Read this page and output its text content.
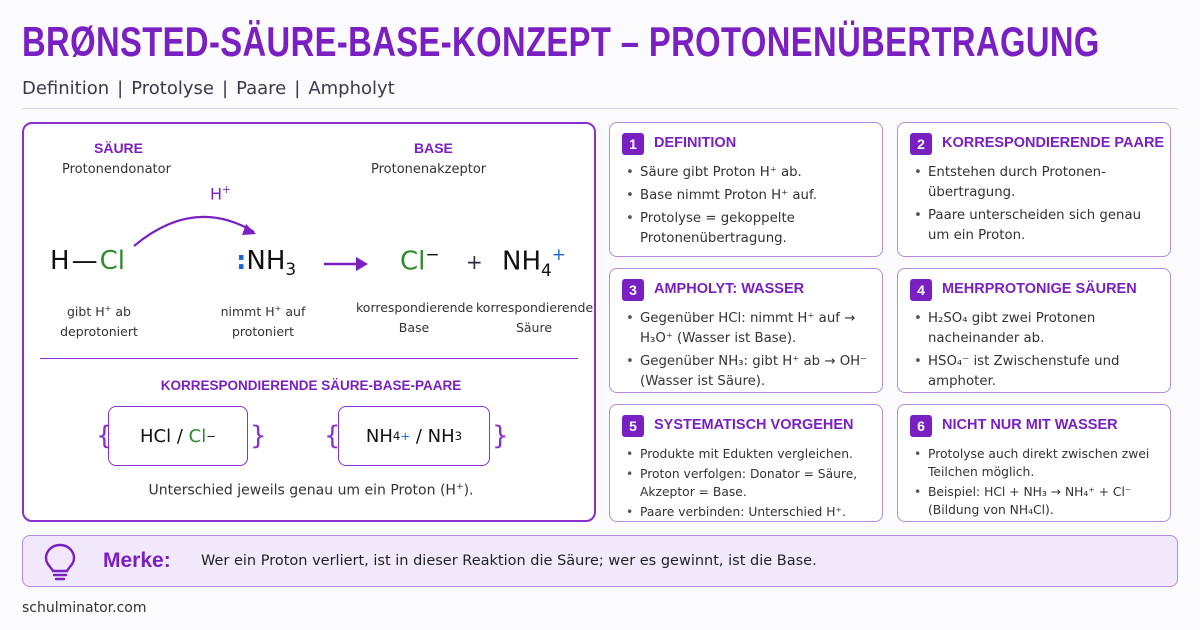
BRØNSTED-SÄURE-BASE-KONZEPT – PROTONENÜBERTRAGUNG
Definition | Protolyse | Paare | Ampholyt
SÄURE
Protonendonator
BASE
Protonenakzeptor
H+
H—Cl	$:NH_3$	$Cl^- + NH_4^+$
gibt H+ ab
deprotoniert
nimmt H+ auf
protoniert
korrespondierende
Base
korrespondierende
Säure
KORRESPONDIERENDE SÄURE-BASE-PAARE
{ HCl / Cl − } { NH 4 + / NH 3 }
Unterschied jeweils genau um ein Proton (H+).
1	DEFINITION
• Säure gibt Proton H⁺ ab.
• Base nimmt Proton H⁺ auf.
• Protolyse = gekoppelte Protonenübertragung.
2	KORRESPONDIERENDE PAARE
• Entstehen durch Protonen-übertragung.
• Paare unterscheiden sich genau um ein Proton.
3	AMPHOLYT: WASSER
• Gegenüber HCl: nimmt H⁺ auf → H₃O⁺ (Wasser ist Base).
• Gegenüber NH₃: gibt H⁺ ab → OH⁻ (Wasser ist Säure).
4	MEHRPROTONIGE SÄUREN
• H₂SO₄ gibt zwei Protonen nacheinander ab.
• HSO₄⁻ ist Zwischenstufe und amphoter.
5	SYSTEMATISCH VORGEHEN
• Produkte mit Edukten vergleichen.
• Proton verfolgen: Donator = Säure, Akzeptor = Base.
• Paare verbinden: Unterschied H⁺.
6	NICHT NUR MIT WASSER
• Protolyse auch direkt zwischen zwei Teilchen möglich.
• Beispiel: HCl + NH₃ → NH₄⁺ + Cl⁻ (Bildung von NH₄Cl).
Merke: Wer ein Proton verliert, ist in dieser Reaktion die Säure; wer es gewinnt, ist die Base.
schulminator.com
